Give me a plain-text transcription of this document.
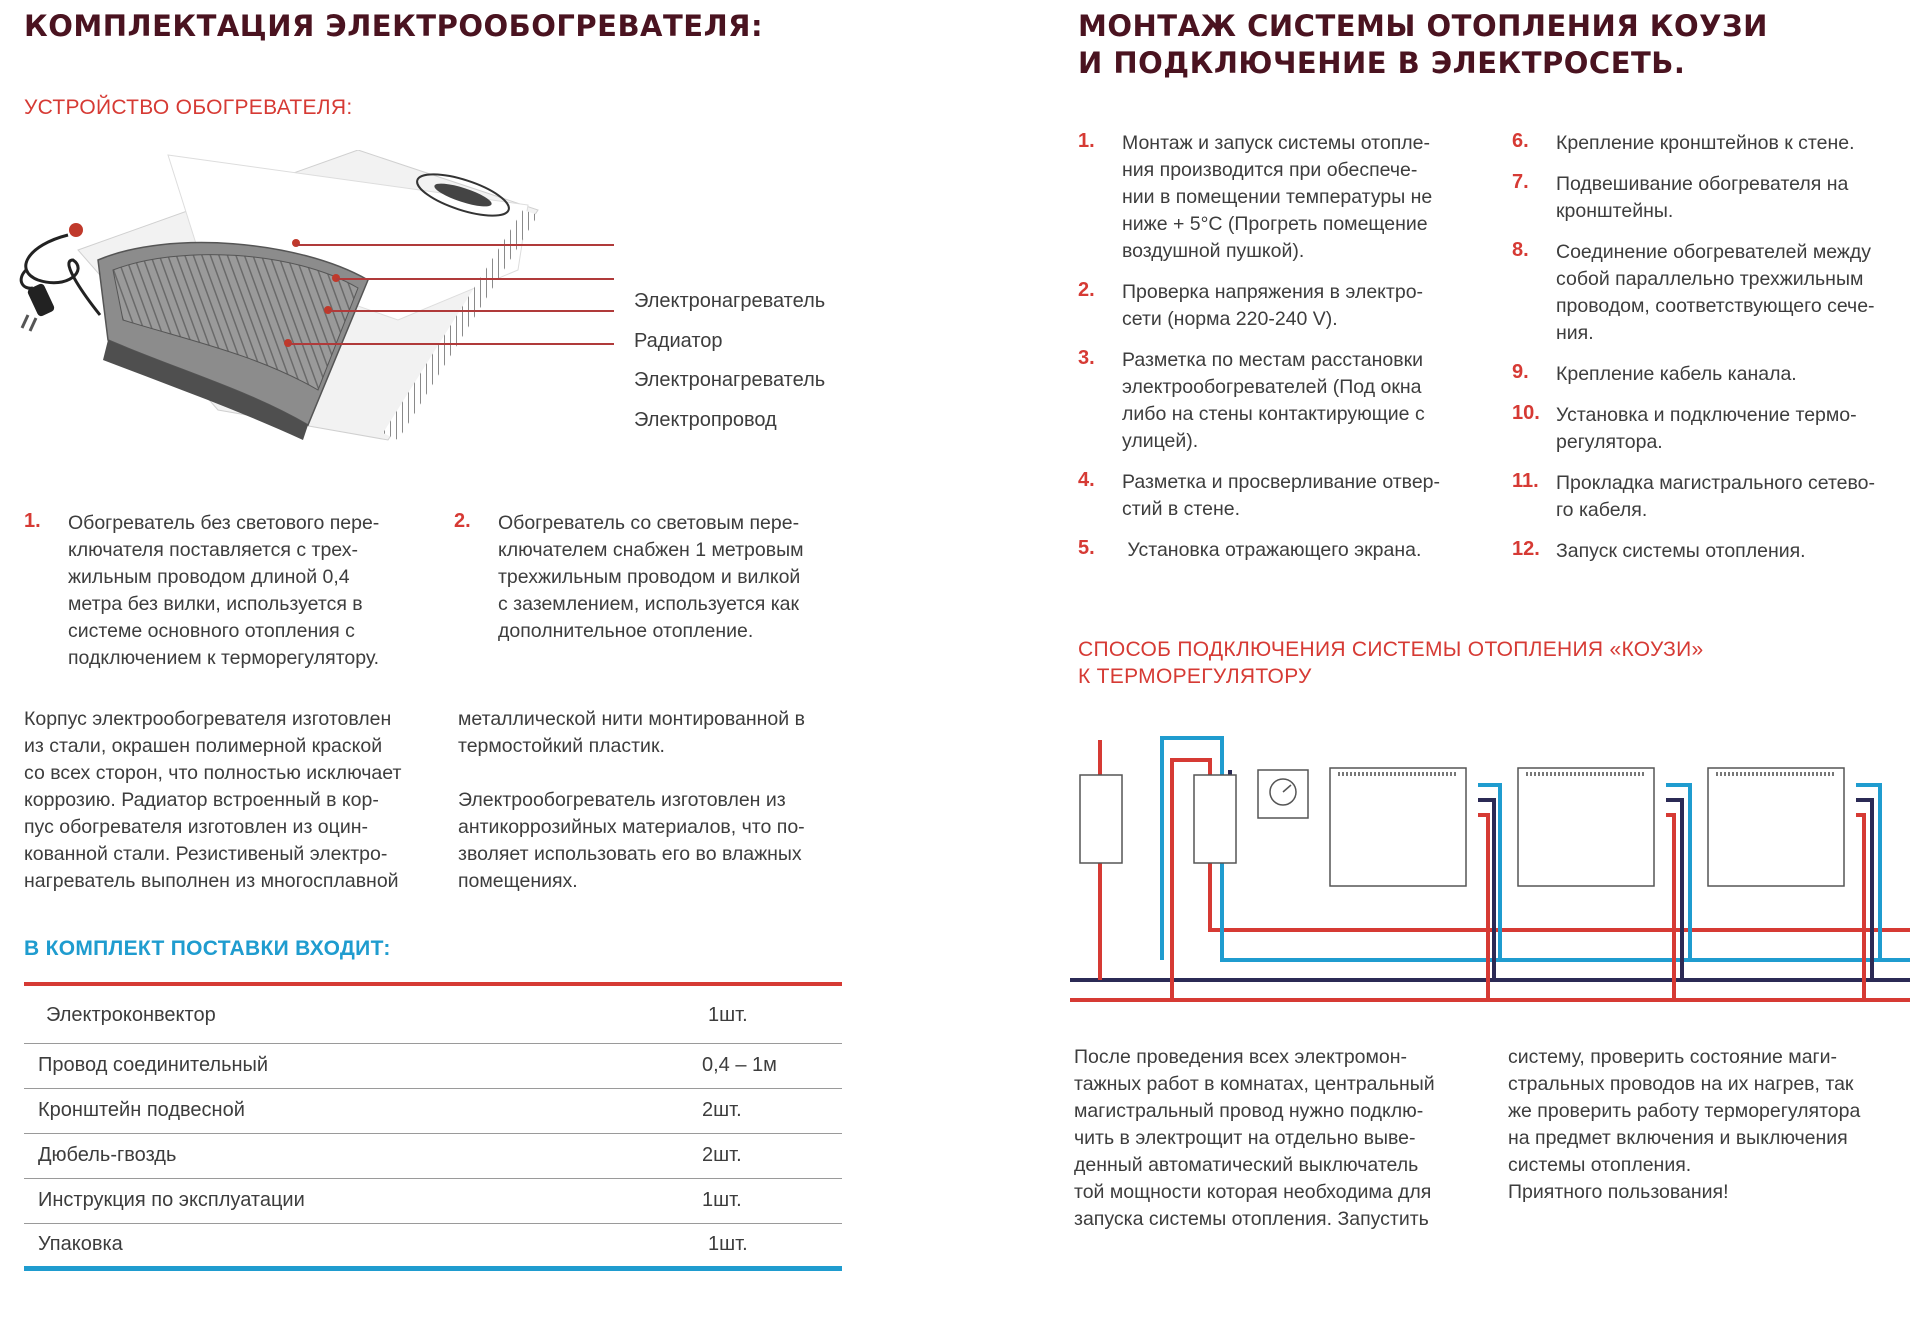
КОМПЛЕКТАЦИЯ ЭЛЕКТРООБОГРЕВАТЕЛЯ:
УСТРОЙСТВО ОБОГРЕВАТЕЛЯ:
Электронагреватель
Радиатор
Электронагреватель
Электропровод
1.	Обогреватель без светового пере-
ключателя поставляется с трех-
жильным проводом длиной 0,4
метра без вилки, используется в
системе основного отопления с
подключением к терморегулятору.
2.	Обогреватель со световым пере-
ключателем снабжен 1 метровым
трехжильным проводом и вилкой
с заземлением, используется как
дополнительное отопление.
Корпус электрообогревателя изготовлен
из стали, окрашен полимерной краской
со всех сторон, что полностью исключает
коррозию. Радиатор встроенный в кор-
пус обогревателя изготовлен из оцин-
кованной стали. Резистивеный электро-
нагреватель выполнен из многосплавной
металлической нити монтированной в
термостойкий пластик.
Электрообогреватель изготовлен из
антикоррозийных материалов, что по-
зволяет использовать его во влажных
помещениях.
В КОМПЛЕКТ ПОСТАВКИ ВХОДИТ:
Электроконвектор	1шт.
Провод соединительный	0,4 – 1м
Кронштейн подвесной	2шт.
Дюбель-гвоздь	2шт.
Инструкция по эксплуатации	1шт.
Упаковка	1шт.
МОНТАЖ СИСТЕМЫ ОТОПЛЕНИЯ КОУЗИ
И ПОДКЛЮЧЕНИЕ В ЭЛЕКТРОСЕТЬ.
1.	Монтаж и запуск системы отопле-
ния производится при обеспече-
нии в помещении температуры не
ниже + 5°С (Прогреть помещение
воздушной пушкой).
2.	Проверка напряжения в электро-
сети (норма 220-240 V).
3.	Разметка по местам расстановки
электрообогревателей (Под окна
либо на стены контактирующие с
улицей).
4.	Разметка и просверливание отвер-
стий в стене.
5.	Установка отражающего экрана.
6.	Крепление кронштейнов к стене.
7.	Подвешивание обогревателя на
кронштейны.
8.	Соединение обогревателей между
собой параллельно трехжильным
проводом, соответствующего сече-
ния.
9.	Крепление кабель канала.
10. Установка и подключение термо-
регулятора.
11. Прокладка магистрального сетево-
го кабеля.
12. Запуск системы отопления.
СПОСОБ ПОДКЛЮЧЕНИЯ СИСТЕМЫ ОТОПЛЕНИЯ «КОУЗИ»
К ТЕРМОРЕГУЛЯТОРУ
После проведения всех электромон-
тажных работ в комнатах, центральный
магистральный провод нужно подклю-
чить в электрощит на отдельно выве-
денный автоматический выключатель
той мощности которая необходима для
запуска системы отопления. Запустить
систему, проверить состояние маги-
стральных проводов на их нагрев, так
же проверить работу терморегулятора
на предмет включения и выключения
системы отопления.
Приятного пользования!
